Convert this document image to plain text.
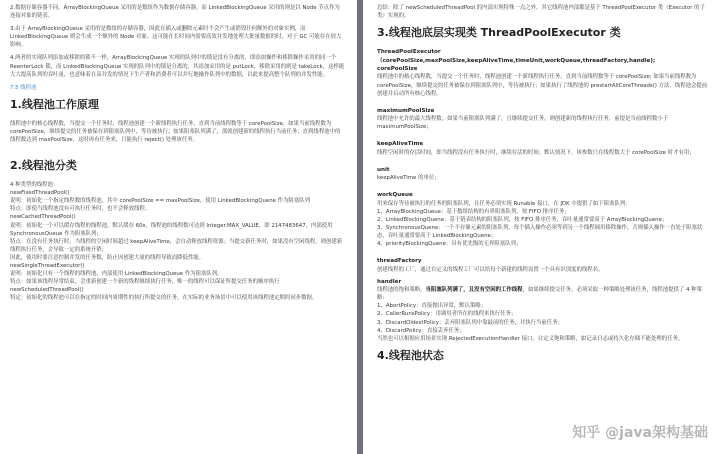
2.数据存储容器不同。ArrayBlockingQueue 采用的是数组作为数据存储容器，而 LinkedBlockingQueue 采用的则是以 Node 节点作为连接对象的链表。

3.由于 ArrayBlockingQueue 采用的是数组的存储容器，因此在插入或删除元素时不会产生或销毁任何额外的对象实例，而 LinkedBlockingQueue 则会生成一个额外的 Node 对象。这可能在长时间内需要高效并发地处理大批量数据的时，对于 GC 可能存在较大影响。

4.两者的实现队列添加或移除的锁不一样，ArrayBlockingQueue 实现的队列中的锁是没有分离的，即添加操作和移除操作采用的同一个 ReenterLock 锁，而 LinkedBlockingQueue 实现的队列中的锁是分离的，其添加采用的是 putLock，移除采用的则是 takeLock，这样能大大提高队列的吞吐量，也意味着在高并发的情况下生产者和消费者可以并行地操作队列中的数据，以此来提高整个队列的并发性能。

7.5 线程池

1.线程池工作原理

线程池中的核心线程数，当提交一个任务时，线程池创建一个新线程执行任务，直到当前线程数等于 corePoolSize，如果当前线程数为 corePoolSize，继续提交的任务被保存到阻塞队列中，等待被执行；如果阻塞队列满了，那就创建新的线程执行当前任务；直到线程池中的线程数达到 maxPoolSize，这时再有任务来，只能执行 reject() 处理该任务。

2.线程池分类

4 种类型的线程池：

newFixedThreadPool()

说明：初始化一个指定线程数的线程池，其中 corePoolSize == maxPoolSize，使用 LinkedBlockingQuene 作为阻塞队列

特点：即使当线程池没有可执行任务时，也不会释放线程。

newCachedThreadPool()

说明：初始化一个可以缓存线程的线程池，默认缓存 60s，线程池的线程数可达到 Integer.MAX_VALUE，即 2147483647，内部使用 SynchronousQueue 作为阻塞队列；

特点：在没有任务执行时，当线程的空闲时间超过 keepAliveTime，会自动释放线程资源；当提交新任务时，如果没有空闲线程，则创建新线程执行任务，会导致一定的系统开销；

因此，使用时要注意控制并发的任务数，防止因创建大量的线程导致而降低性能。

newSingleThreadExecutor()

说明：初始化只有一个线程的线程池，内部使用 LinkedBlockingQueue 作为阻塞队列。

特点：如果该线程异常结束，会重新创建一个新的线程继续执行任务，唯一的线程可以保证所提交任务的顺序执行

newScheduledThreadPool()

特定：初始化的线程池可以在指定的时间内周期性的执行所提交的任务，在实际的业务场景中可以使用该线程池定期的同步数据。

总结：除了 newScheduledThreadPool 的内部实现特殊一点之外，其它线程池内部都是基于 ThreadPoolExecutor 类（Executor 的子类）实现的。

3.线程池底层实现类 ThreadPoolExecutor 类

ThreadPoolExecutor（corePoolSize,maxPoolSize,keepAliveTime,timeUnit,workQueue,threadFactory,handle);

corePoolSize

线程池中的核心线程数，当提交一个任务时，线程池创建一个新线程执行任务，直到当前线程数等于 corePoolSize; 如果当前线程数为 corePoolSize，继续提交的任务被保存到阻塞队列中，等待被执行；如果执行了线程池的 prestartAllCoreThreads() 方法，线程池会提前创建并启动所有核心线程。

maximumPoolSize

线程池中允许的最大线程数。如果当前阻塞队列满了，且继续提交任务，则创建新的线程执行任务，前提是当前线程数小于 maximumPoolSize；

keepAliveTime

线程空闲时的存活时间，即当线程没有任务执行时，继续存活的时间；默认情况下，该参数只在线程数大于 corePoolSize 时才有用；

unit

keepAliveTime 的单位；

workQueue

用来保存等待被执行的任务的阻塞队列，且任务必须实现 Runable 接口，在 JDK 中提供了如下阻塞队列：

1、ArrayBlockingQueue：基于数组结构的有界阻塞队列，按 FIFO 排序任务；

2、LinkedBlockingQuene：基于链表结构的阻塞队列，按 FIFO 排序任务，吞吐量通常要高于 ArrayBlockingQuene；

3、SynchronousQuene：一个不存储元素的阻塞队列，每个插入操作必须等到另一个线程调用移除操作，否则插入操作一直处于阻塞状态，吞吐量通常要高于 LinkedBlockingQuene；

4、priorityBlockingQuene：具有优先级的无界阻塞队列；

threadFactory

创建线程的工厂，通过自定义的线程工厂可以给每个新建的线程设置一个具有识别度的线程名。

handler

线程池的饱和策略，当阻塞队列满了，且没有空闲的工作线程，如果继续提交任务，必须采取一种策略处理该任务，线程池提供了 4 种策略：

1、AbortPolicy：直接抛出异常，默认策略；

2、CallerRunsPolicy：用调用者所在的线程来执行任务；

3、DiscardOldestPolicy：丢弃阻塞队列中靠最前的任务，并执行当前任务；

4、DiscardPolicy：直接丢弃任务；

当然也可以根据应用场景实现 RejectedExecutionHandler 接口，自定义饱和策略，如记录日志或持久化存储不能处理的任务。

4.线程池状态
知乎 @java架构基础
